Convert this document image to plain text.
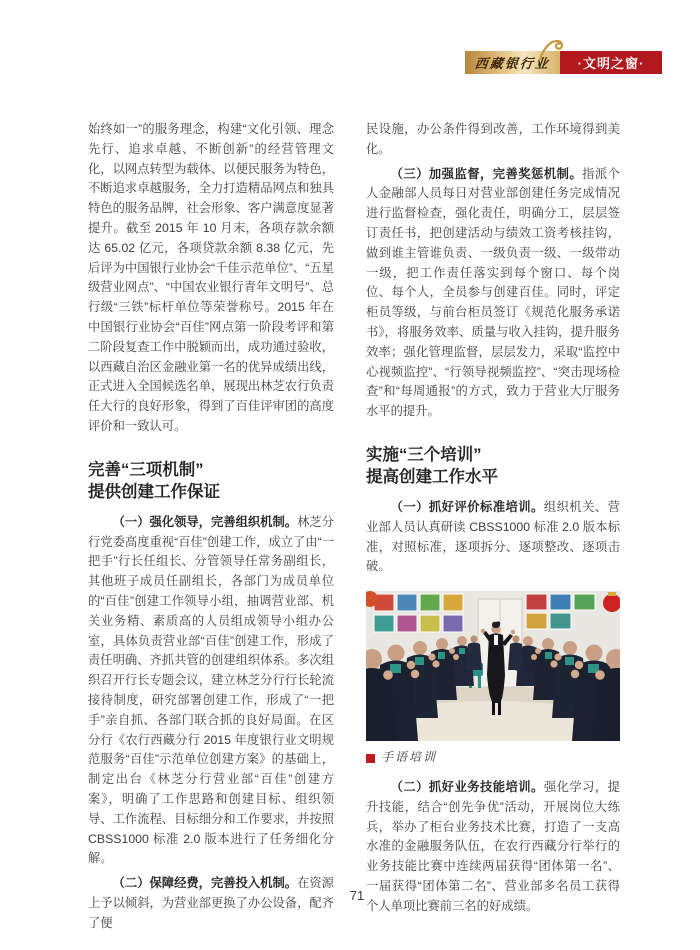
西藏银行业 ·文明之窗·

始终如一”的服务理念，构建“文化引领、理念先行、追求卓越、不断创新”的经营管理文化，以网点转型为载体、以便民服务为特色，不断追求卓越服务，全力打造精品网点和独具特色的服务品牌，社会形象、客户满意度显著提升。截至 2015 年 10 月末，各项存款余额达 65.02 亿元，各项贷款余额 8.38 亿元，先后评为中国银行业协会“千佳示范单位”、“五星级营业网点”、“中国农业银行青年文明号”、总行级“三铁”标杆单位等荣誉称号。2015 年在中国银行业协会“百佳”网点第一阶段考评和第二阶段复查工作中脱颖而出，成功通过验收，以西藏自治区金融业第一名的优异成绩出线，正式进入全国候选名单，展现出林芝农行负责任大行的良好形象，得到了百佳评审团的高度评价和一致认可。

完善“三项机制”
提供创建工作保证

（一）强化领导，完善组织机制。林芝分行党委高度重视“百佳”创建工作，成立了由“一把手”行长任组长、分管领导任常务副组长，其他班子成员任副组长，各部门为成员单位的“百佳”创建工作领导小组，抽调营业部、机关业务精、素质高的人员组成领导小组办公室，具体负责营业部“百佳”创建工作，形成了责任明确、齐抓共管的创建组织体系。多次组织召开行长专题会议，建立林芝分行行长轮流接待制度，研究部署创建工作，形成了“一把手”亲自抓、各部门联合抓的良好局面。在区分行《农行西藏分行 2015 年度银行业文明规范服务“百佳”示范单位创建方案》的基础上，制定出台《林芝分行营业部“百佳”创建方案》，明确了工作思路和创建目标、组织领导、工作流程、目标细分和工作要求，并按照 CBSS1000 标准 2.0 版本进行了任务细化分解。

（二）保障经费，完善投入机制。在资源上予以倾斜，为营业部更换了办公设备，配齐了便

民设施，办公条件得到改善，工作环境得到美化。

（三）加强监督，完善奖惩机制。指派个人金融部人员每日对营业部创建任务完成情况进行监督检查，强化责任，明确分工，层层签订责任书，把创建活动与绩效工资考核挂钩，做到谁主管谁负责、一级负责一级、一级带动一级，把工作责任落实到每个窗口、每个岗位、每个人，全员参与创建百佳。同时，评定柜员等级，与前台柜员签订《规范化服务承诺书》，将服务效率、质量与收入挂钩，提升服务效率；强化管理监督，层层发力，采取“监控中心视频监控”、“行领导视频监控”、“突击现场检查”和“每周通报”的方式，致力于营业大厅服务水平的提升。

实施“三个培训”
提高创建工作水平

（一）抓好评价标准培训。组织机关、营业部人员认真研读 CBSS1000 标准 2.0 版本标准，对照标准，逐项拆分、逐项整改、逐项击破。

手语培训

（二）抓好业务技能培训。强化学习，提升技能，结合“创先争优”活动，开展岗位大练兵，举办了柜台业务技术比赛，打造了一支高水准的金融服务队伍，在农行西藏分行举行的业务技能比赛中连续两届获得“团体第一名”、一届获得“团体第二名”、营业部多名员工获得个人单项比赛前三名的好成绩。

71
